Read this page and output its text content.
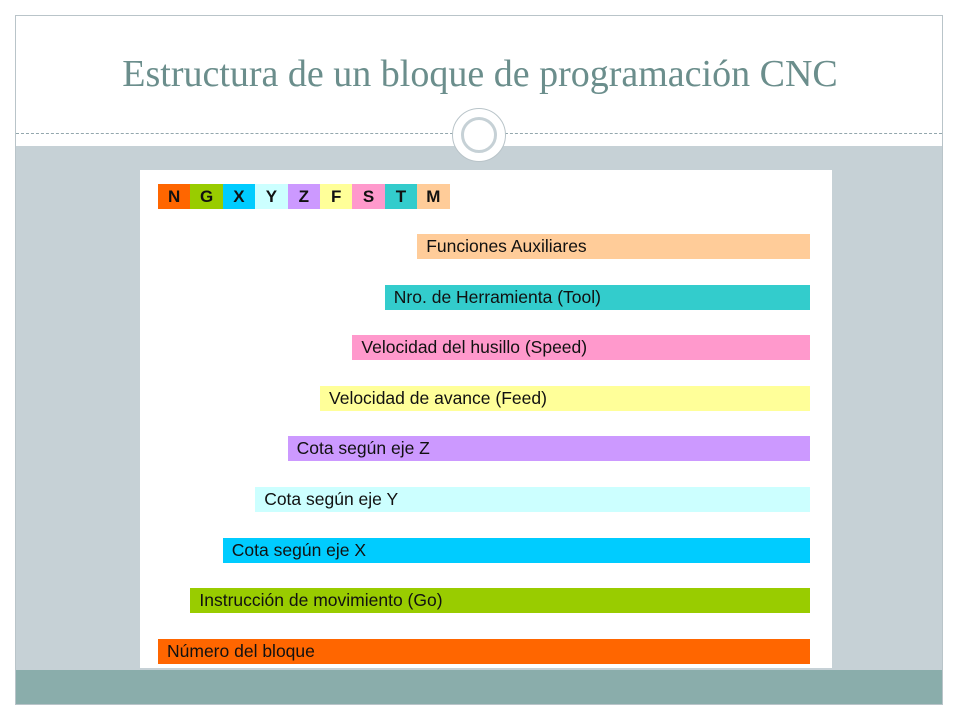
Estructura de un bloque de programación CNC
N	G	X	Y	Z	F	S	T	M
Funciones Auxiliares
Nro. de Herramienta (Tool)
Velocidad del husillo (Speed)
Velocidad de avance (Feed)
Cota según eje Z
Cota según eje Y
Cota según eje X
Instrucción de movimiento (Go)
Número del bloque
